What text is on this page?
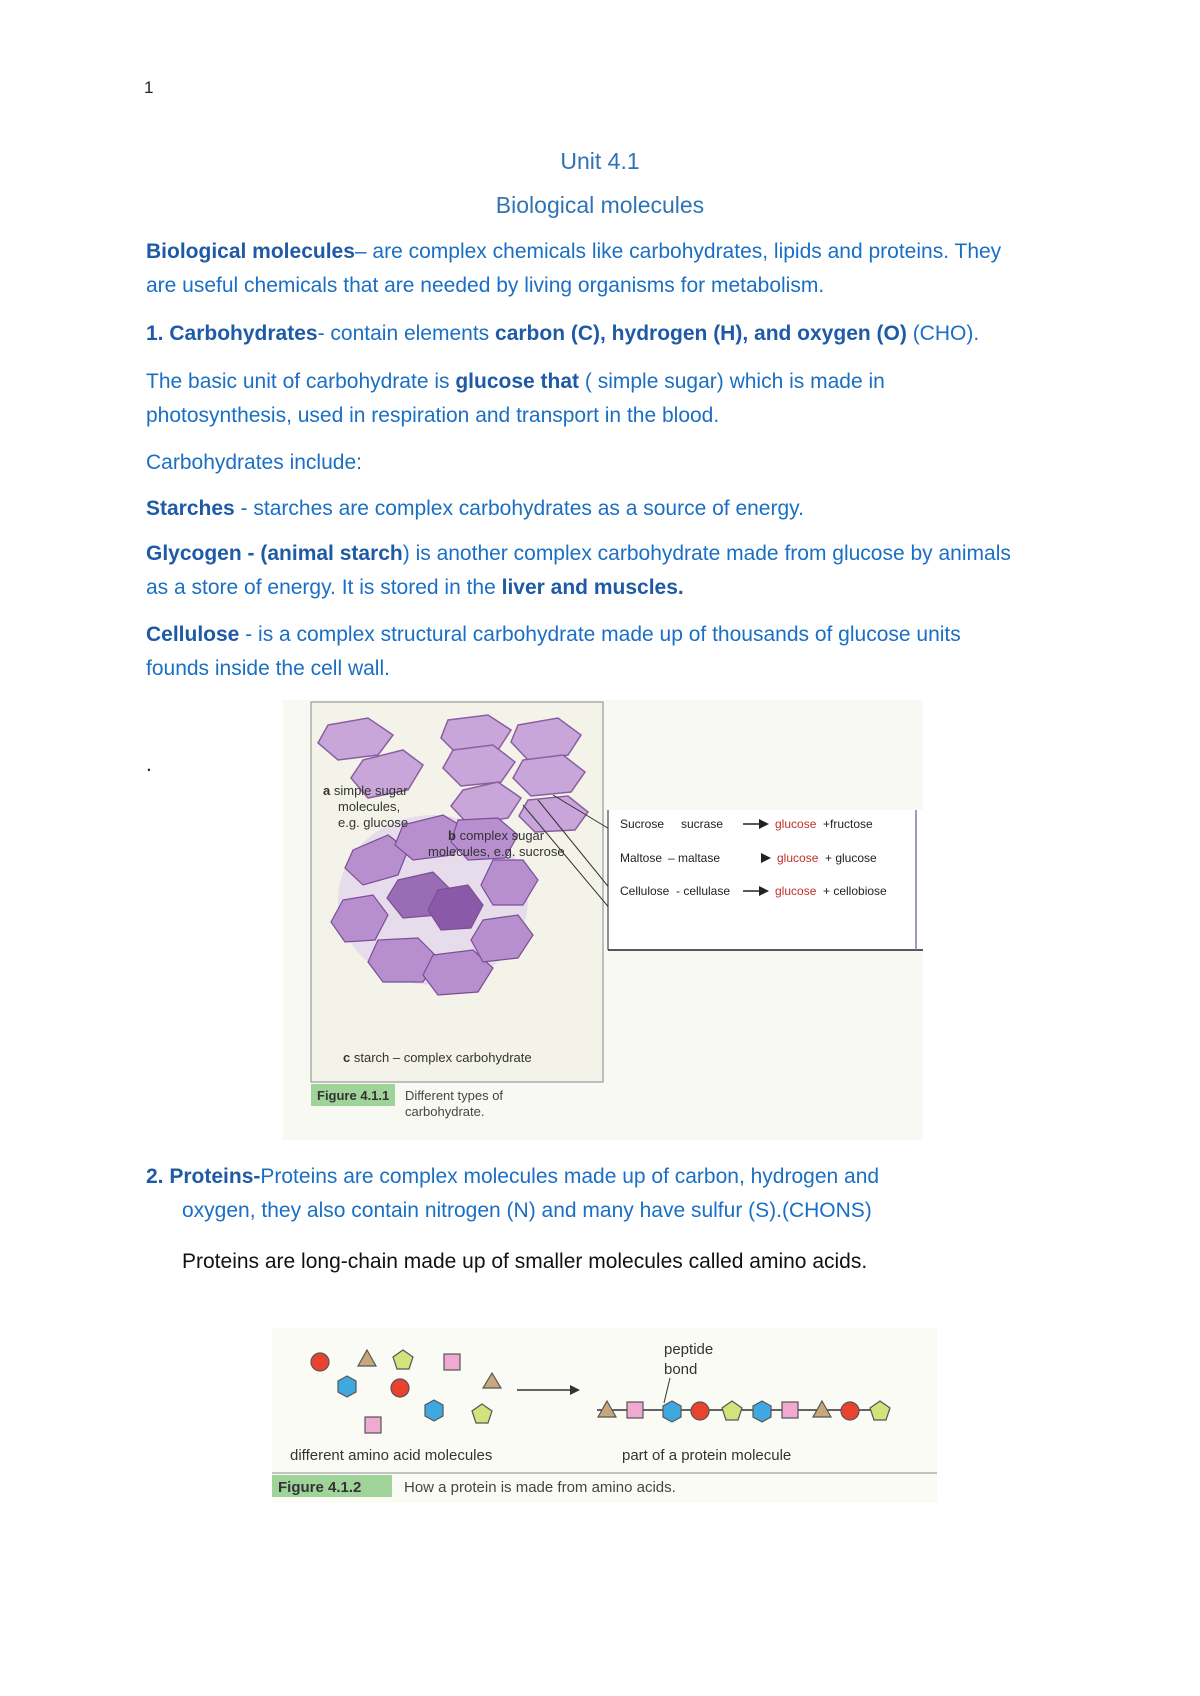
1
Unit 4.1
Biological molecules
Biological molecules– are complex chemicals like carbohydrates, lipids and proteins. They
are useful chemicals that are needed by living organisms for metabolism.
1. Carbohydrates- contain elements carbon (C), hydrogen (H), and oxygen (O) (CHO).
The basic unit of carbohydrate is glucose that ( simple sugar) which is made in
photosynthesis, used in respiration and transport in the blood.
Carbohydrates include:
Starches - starches are complex carbohydrates as a source of energy.
Glycogen - (animal starch) is another complex carbohydrate made from glucose by animals
as a store of energy. It is stored in the liver and muscles.
Cellulose - is a complex structural carbohydrate made up of thousands of glucose units
founds inside the cell wall.
.
a simple sugar
molecules,
e.g. glucose
b complex sugar
molecules, e.g. sucrose
c starch – complex carbohydrate
Figure 4.1.1 Different types of
carbohydrate.
Sucrose sucrase	glucose +fructose
Maltose – maltase	glucose + glucose
Cellulose - cellulase	glucose + cellobiose
2. Proteins-Proteins are complex molecules made up of carbon, hydrogen and
oxygen, they also contain nitrogen (N) and many have sulfur (S).(CHONS)
Proteins are long-chain made up of smaller molecules called amino acids.
peptide
bond
different amino acid molecules	part of a protein molecule
Figure 4.1.2	How a protein is made from amino acids.
